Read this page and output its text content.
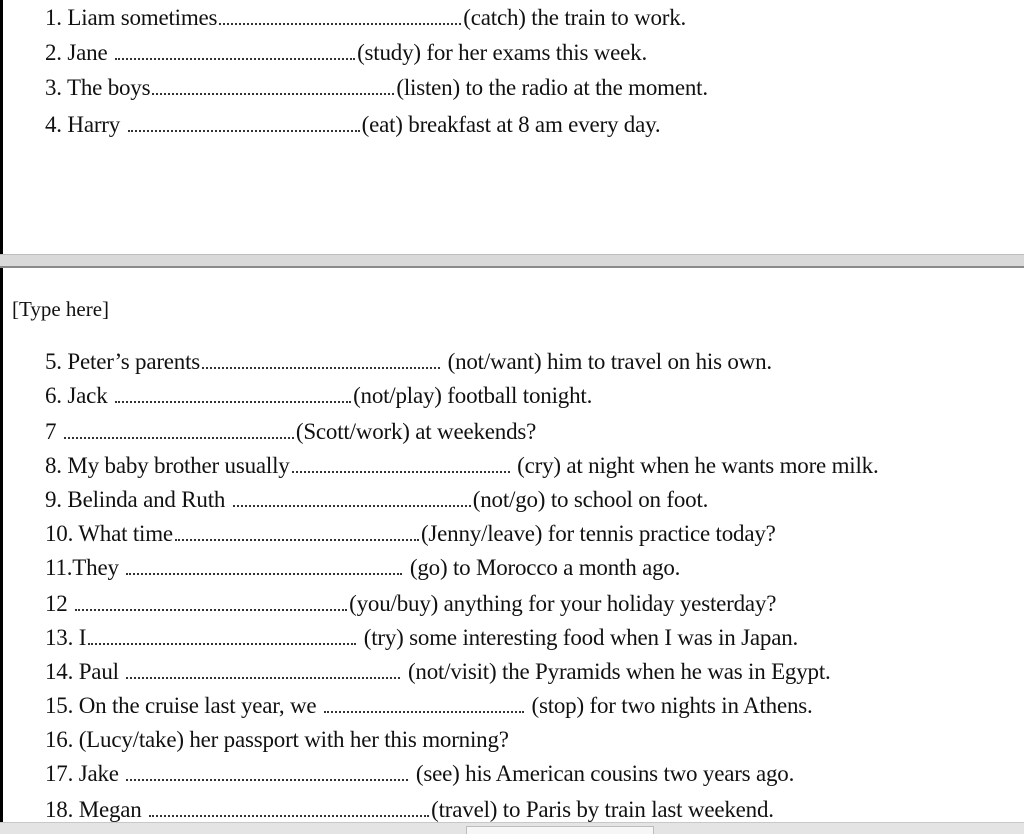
1. Liam sometimes	(catch) the train to work.
2. Jane	(study) for her exams this week.
3. The boys	(listen) to the radio at the moment.
4. Harry	(eat) breakfast at 8 am every day.
[Type here]
5. Peter’s parents	(not/want) him to travel on his own.
6. Jack	(not/play) football tonight.
7	(Scott/work) at weekends?
8. My baby brother usually	(cry) at night when he wants more milk.
9. Belinda and Ruth	(not/go) to school on foot.
10. What time	(Jenny/leave) for tennis practice today?
11.They	(go) to Morocco a month ago.
12	(you/buy) anything for your holiday yesterday?
13. I	(try) some interesting food when I was in Japan.
14. Paul	(not/visit) the Pyramids when he was in Egypt.
15. On the cruise last year, we	(stop) for two nights in Athens.
16. (Lucy/take) her passport with her this morning?
17. Jake	(see) his American cousins two years ago.
18. Megan	(travel) to Paris by train last weekend.
